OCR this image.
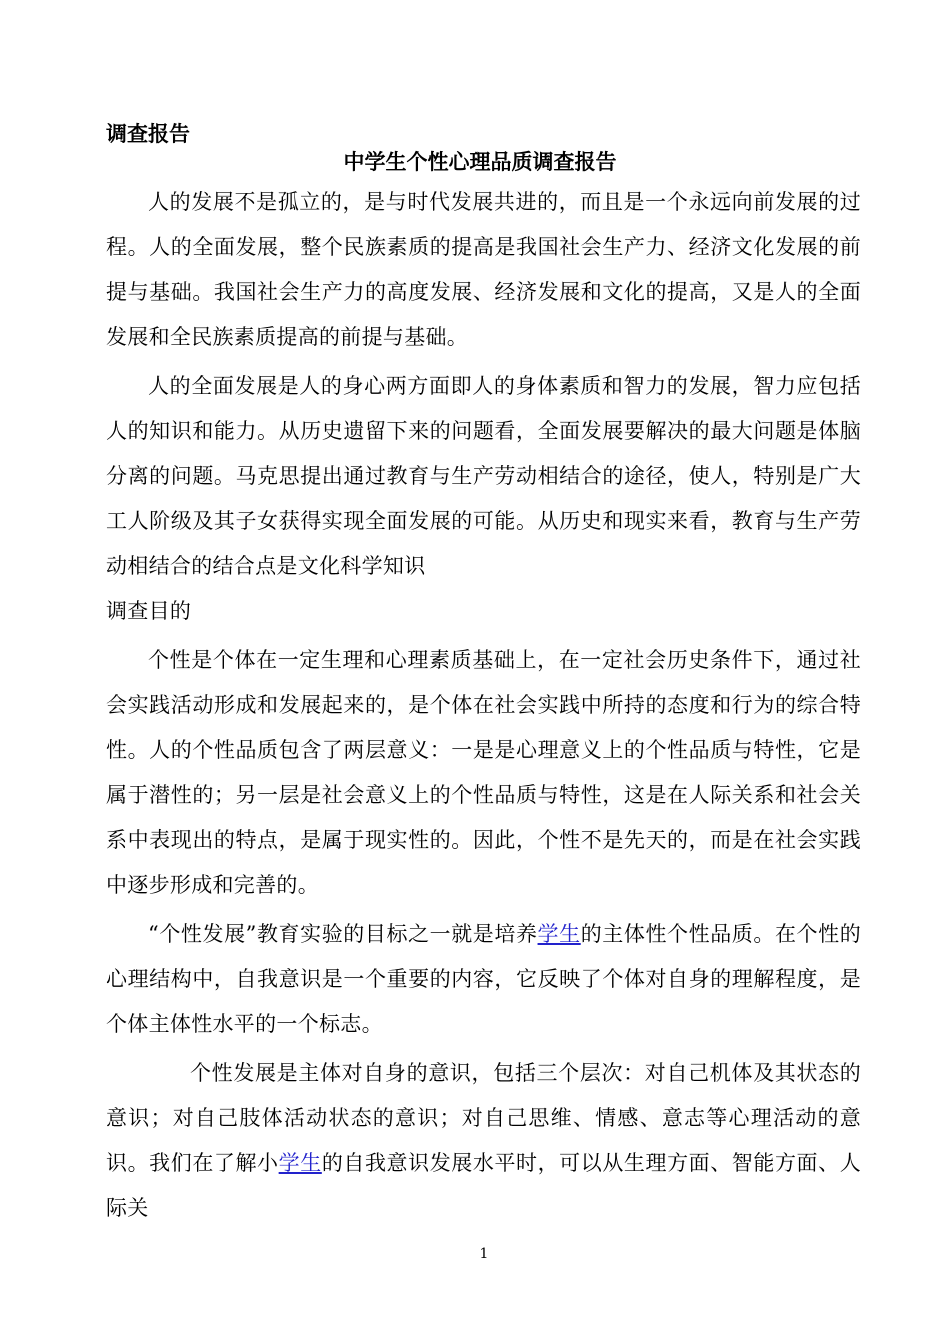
调查报告
中学生个性心理品质调查报告

人的发展不是孤立的，是与时代发展共进的，而且是一个永远向前发展的过程。人的全面发展，整个民族素质的提高是我国社会生产力、经济文化发展的前提与基础。我国社会生产力的高度发展、经济发展和文化的提高，又是人的全面发展和全民族素质提高的前提与基础。

人的全面发展是人的身心两方面即人的身体素质和智力的发展，智力应包括人的知识和能力。从历史遗留下来的问题看，全面发展要解决的最大问题是体脑分离的问题。马克思提出通过教育与生产劳动相结合的途径，使人，特别是广大工人阶级及其子女获得实现全面发展的可能。从历史和现实来看，教育与生产劳动相结合的结合点是文化科学知识

调查目的

个性是个体在一定生理和心理素质基础上，在一定社会历史条件下，通过社会实践活动形成和发展起来的，是个体在社会实践中所持的态度和行为的综合特性。人的个性品质包含了两层意义：一是是心理意义上的个性品质与特性，它是属于潜性的；另一层是社会意义上的个性品质与特性，这是在人际关系和社会关系中表现出的特点，是属于现实性的。因此，个性不是先天的，而是在社会实践中逐步形成和完善的。

“个性发展”教育实验的目标之一就是培养学生的主体性个性品质。在个性的心理结构中，自我意识是一个重要的内容，它反映了个体对自身的理解程度，是个体主体性水平的一个标志。

个性发展是主体对自身的意识，包括三个层次：对自己机体及其状态的意识；对自己肢体活动状态的意识；对自己思维、情感、意志等心理活动的意识。我们在了解小学生的自我意识发展水平时，可以从生理方面、智能方面、人际关

1
